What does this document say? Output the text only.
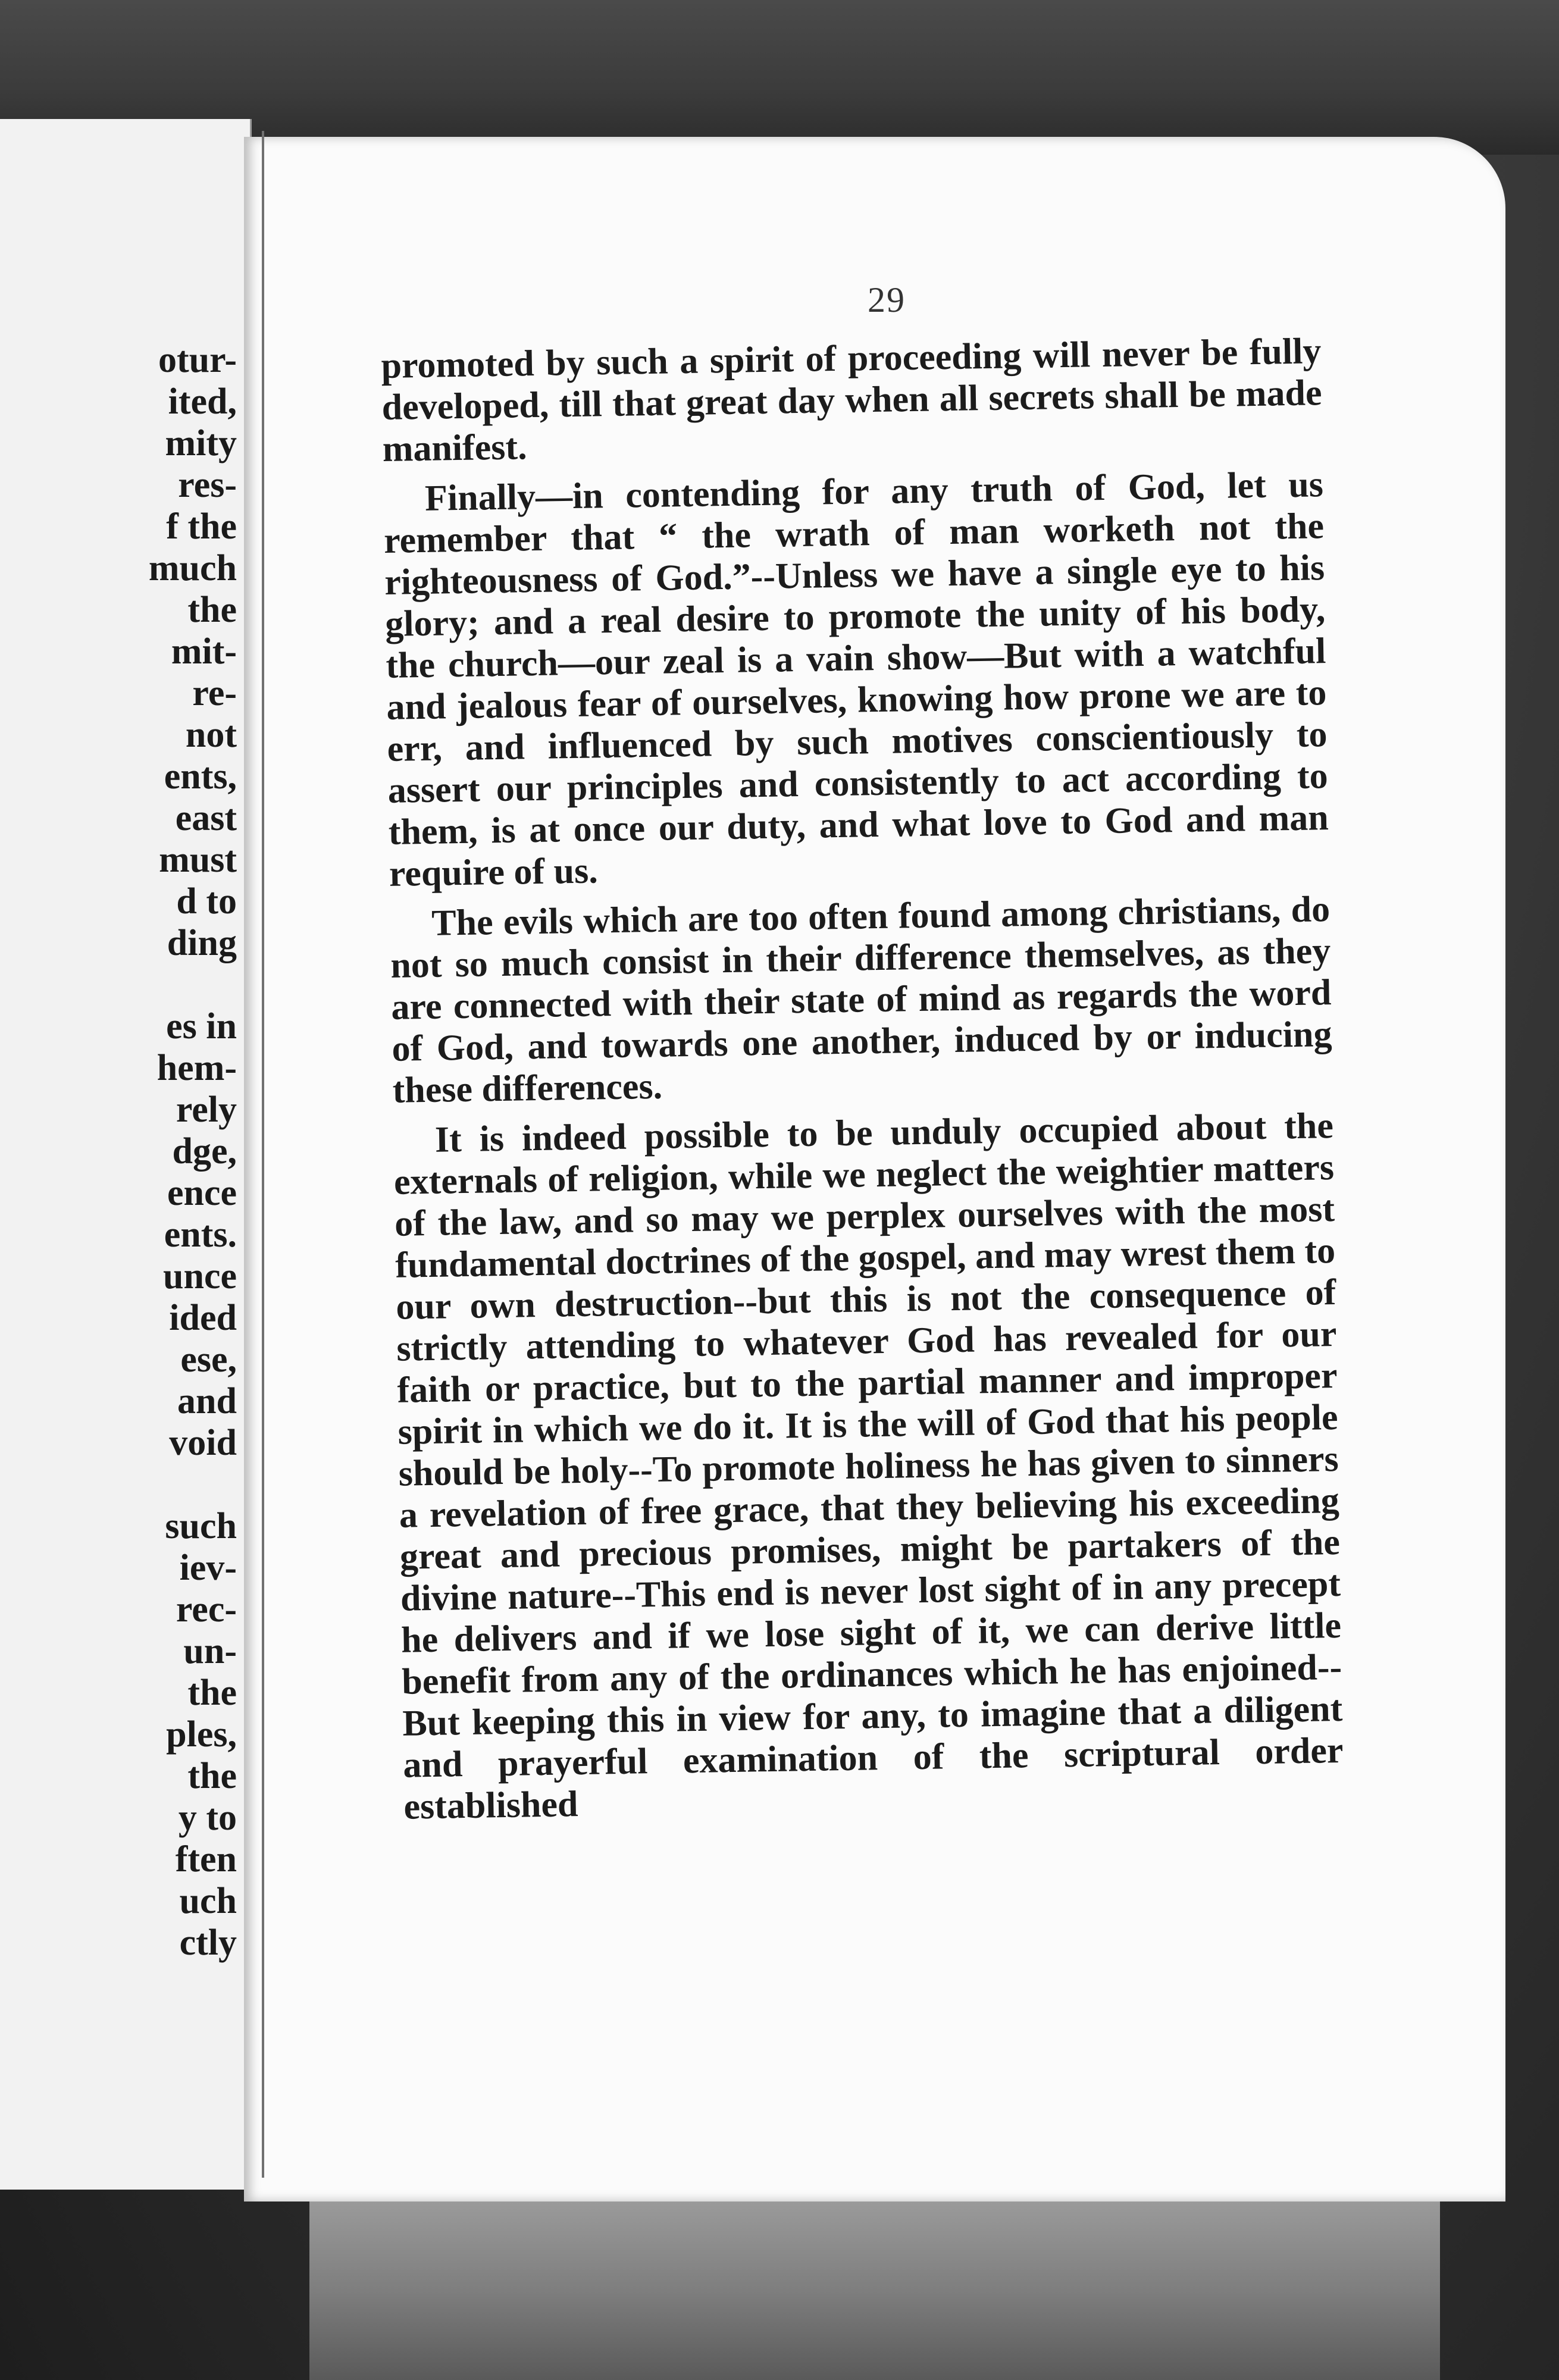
otur-
ited,
mity
res-
f the
much
the
mit-
re-
not
ents,
east
must
d to
ding

es in
hem-
rely
dge,
ence
ents.
unce
ided
ese,
and
void

such
iev-
rec-
un-
the
ples,
the
y to
ften
uch
ctly
29

promoted by such a spirit of proceeding will never be fully developed, till that great day when all secrets shall be made manifest.

Finally—in contending for any truth of God, let us remember that “ the wrath of man worketh not the righteousness of God.”--Unless we have a single eye to his glory; and a real desire to promote the unity of his body, the church—our zeal is a vain show—But with a watchful and jealous fear of ourselves, knowing how prone we are to err, and influenced by such motives conscientiously to assert our principles and consistently to act according to them, is at once our duty, and what love to God and man require of us.

The evils which are too often found among christians, do not so much consist in their difference themselves, as they are connected with their state of mind as regards the word of God, and towards one another, induced by or inducing these differences.

It is indeed possible to be unduly occupied about the externals of religion, while we neglect the weightier matters of the law, and so may we perplex ourselves with the most fundamental doctrines of the gospel, and may wrest them to our own destruction--but this is not the consequence of strictly attending to whatever God has revealed for our faith or practice, but to the partial manner and improper spirit in which we do it. It is the will of God that his people should be holy--To promote holiness he has given to sinners a revelation of free grace, that they believing his exceeding great and precious promises, might be partakers of the divine nature--This end is never lost sight of in any precept he delivers and if we lose sight of it, we can derive little benefit from any of the ordinances which he has enjoined--But keeping this in view for any, to imagine that a diligent and prayerful examination of the scriptural order established
